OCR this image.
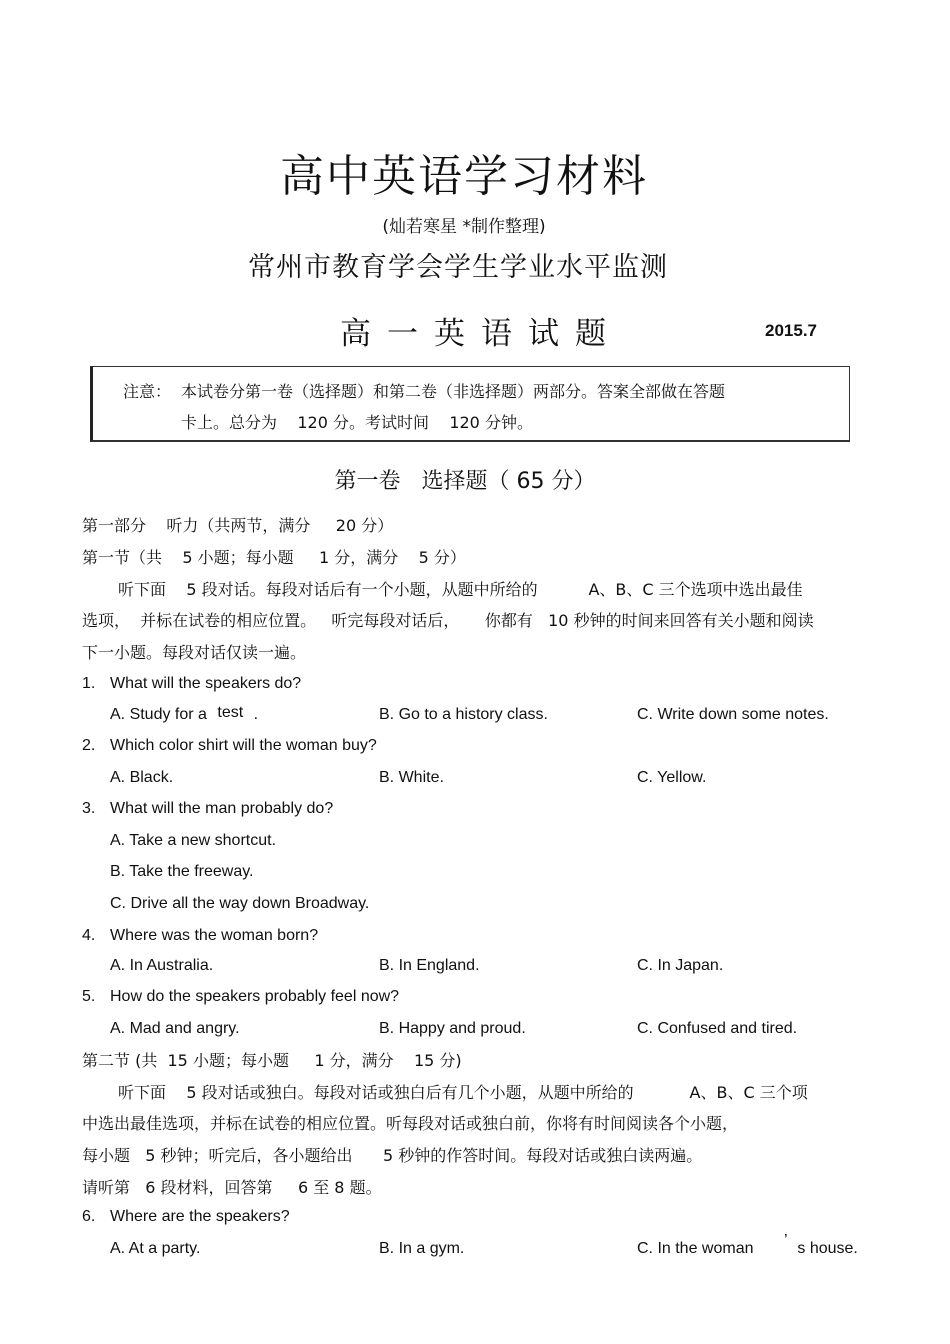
高中英语学习材料
(灿若寒星 *制作整理)
常州市教育学会学生学业水平监测
高一英语试题	2015.7
注意： 本试卷分第一卷（选择题）和第二卷（非选择题）两部分。答案全部做在答题
卡上。总分为    120 分。考试时间    120 分钟。
第一卷   选择题（ 65 分）
第一部分    听力（共两节，满分     20 分）
第一节（共    5 小题；每小题     1 分，满分    5 分）
听下面    5 段对话。每段对话后有一个小题，从题中所给的          A、B、C 三个选项中选出最佳
选项，  并标在试卷的相应位置。   听完每段对话后，     你都有   10 秒钟的时间来回答有关小题和阅读
下一小题。每段对话仅读一遍。
1. What will the speakers do?
A. Study for a test .	B. Go to a history class.	C. Write down some notes.
2. Which color shirt will the woman buy?
A. Black.	B. White.	C. Yellow.
3. What will the man probably do?
A. Take a new shortcut.
B. Take the freeway.
C. Drive all the way down Broadway.
4. Where was the woman born?
A. In Australia.	B. In England.	C. In Japan.
5. How do the speakers probably feel now?
A. Mad and angry.	B. Happy and proud.	C. Confused and tired.
第二节 (共  15 小题；每小题     1 分，满分    15 分)
听下面    5 段对话或独白。每段对话或独白后有几个小题，从题中所给的           A、B、C 三个项
中选出最佳选项，并标在试卷的相应位置。听每段对话或独白前，你将有时间阅读各个小题，
每小题   5 秒钟；听完后，各小题给出      5 秒钟的作答时间。每段对话或独白读两遍。
请听第   6 段材料，回答第     6 至 8 题。
6. Where are the speakers?
A. At a party.	B. In a gym.	C. In the woman ’ s house.
